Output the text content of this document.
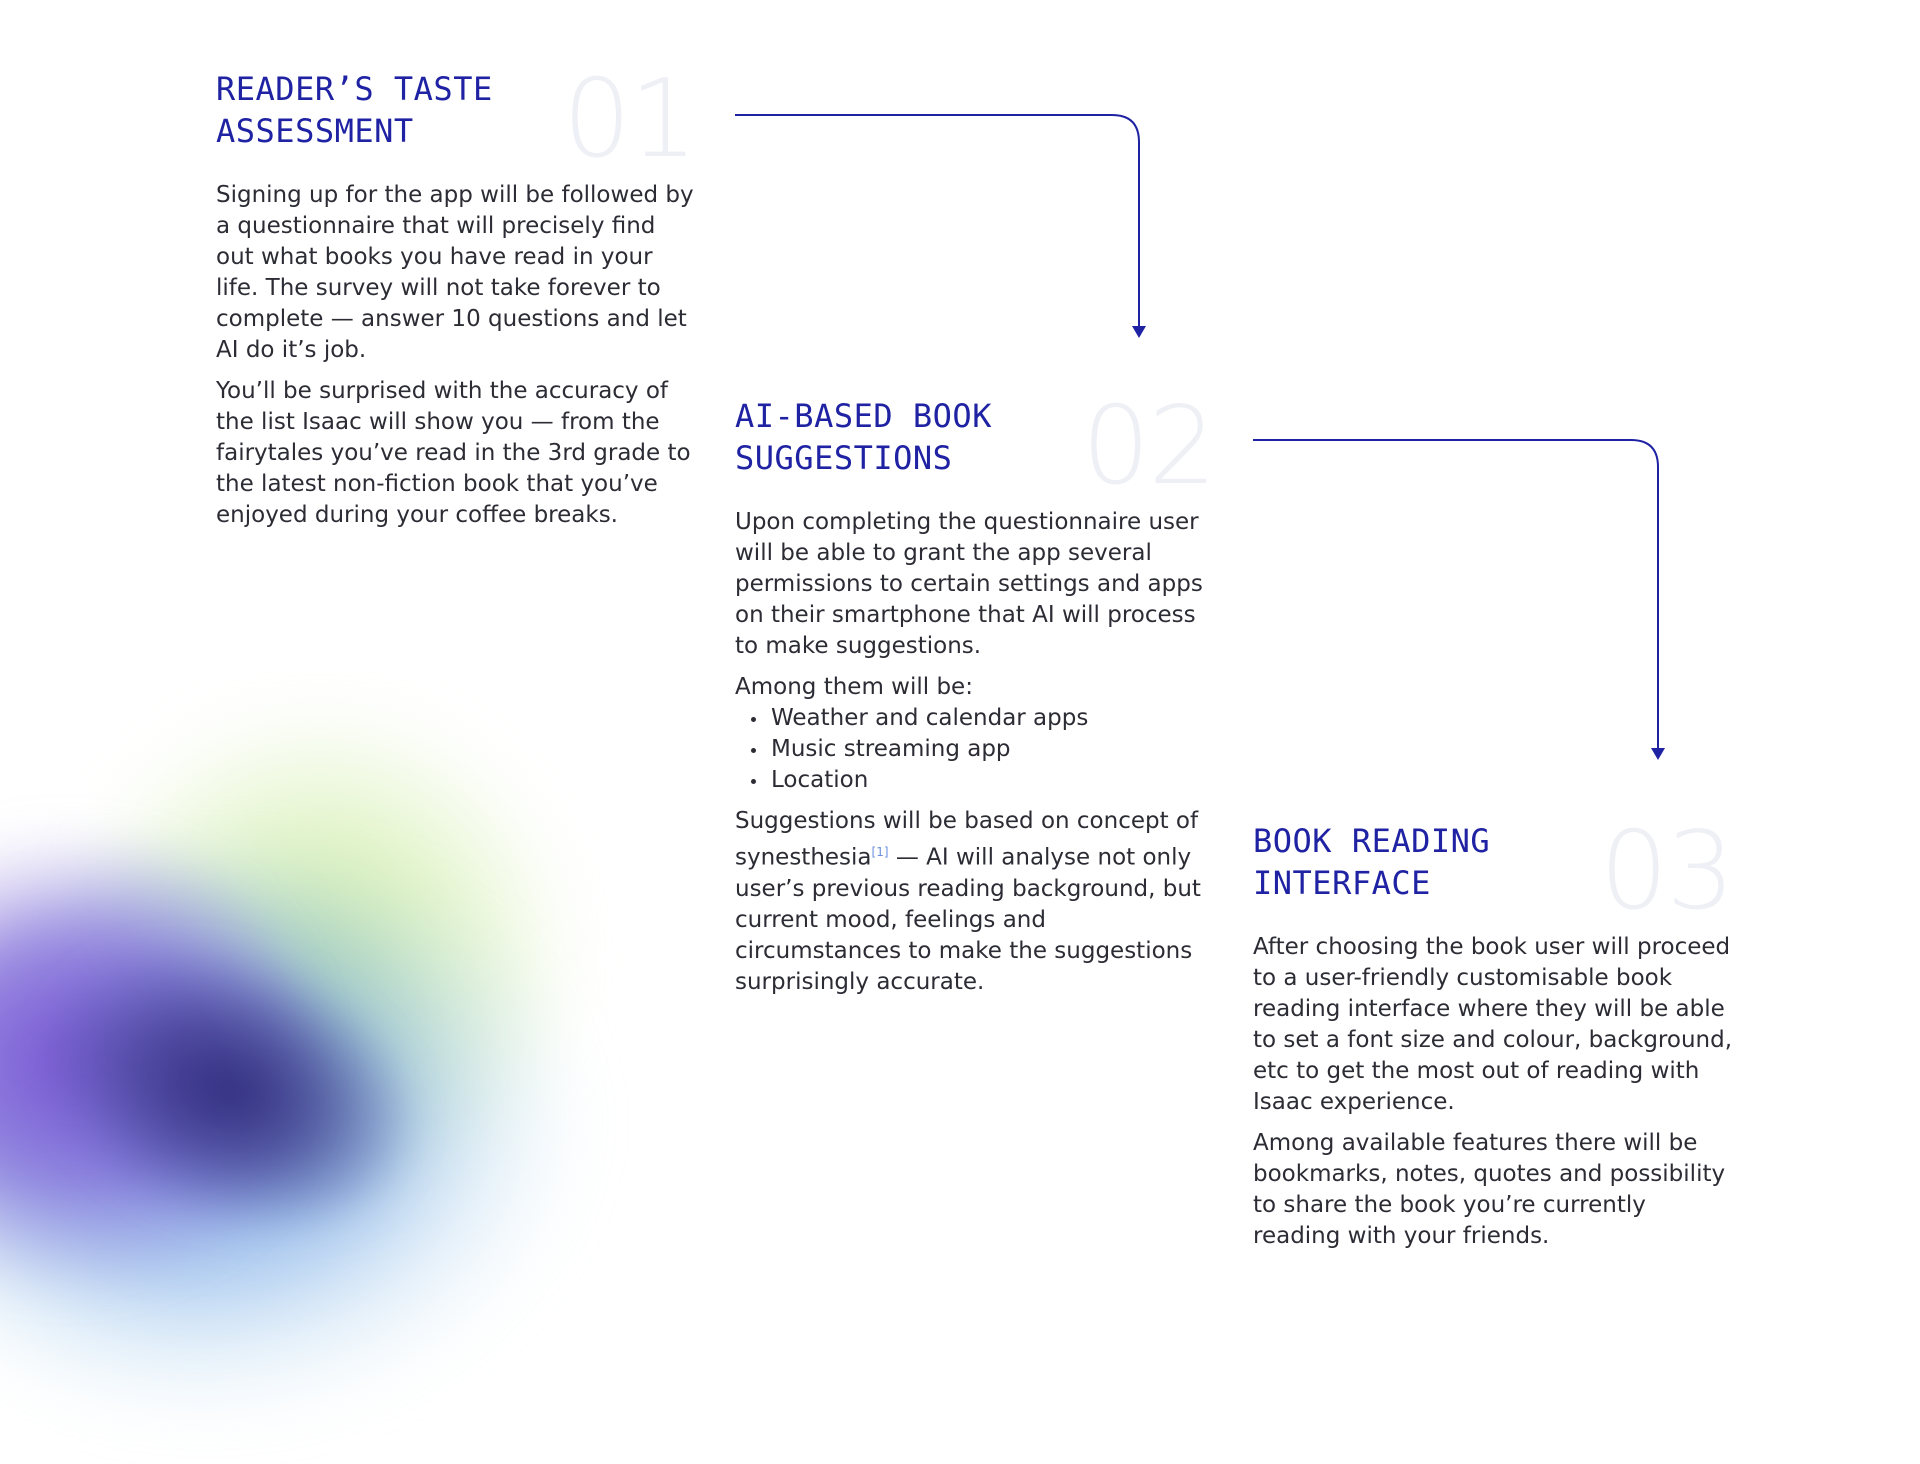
01
READER’S TASTE ASSESSMENT

Signing up for the app will be followed by a questionnaire that will precisely find out what books you have read in your life. The survey will not take forever to complete — answer 10 questions and let AI do it’s job.

You’ll be surprised with the accuracy of the list Isaac will show you — from the fairytales you’ve read in the 3rd grade to the latest non-fiction book that you’ve enjoyed during your coffee breaks.

02
AI-BASED BOOK SUGGESTIONS

Upon completing the questionnaire user will be able to grant the app several permissions to certain settings and apps on their smartphone that AI will process to make suggestions.

Among them will be:

Weather and calendar apps
Music streaming app
Location

Suggestions will be based on concept of synesthesia[1] — AI will analyse not only user’s previous reading background, but current mood, feelings and circumstances to make the suggestions surprisingly accurate.

03
BOOK READING INTERFACE

After choosing the book user will proceed to a user-friendly customisable book reading interface where they will be able to set a font size and colour, background, etc to get the most out of reading with Isaac experience.

Among available features there will be bookmarks, notes, quotes and possibility to share the book you’re currently reading with your friends.
